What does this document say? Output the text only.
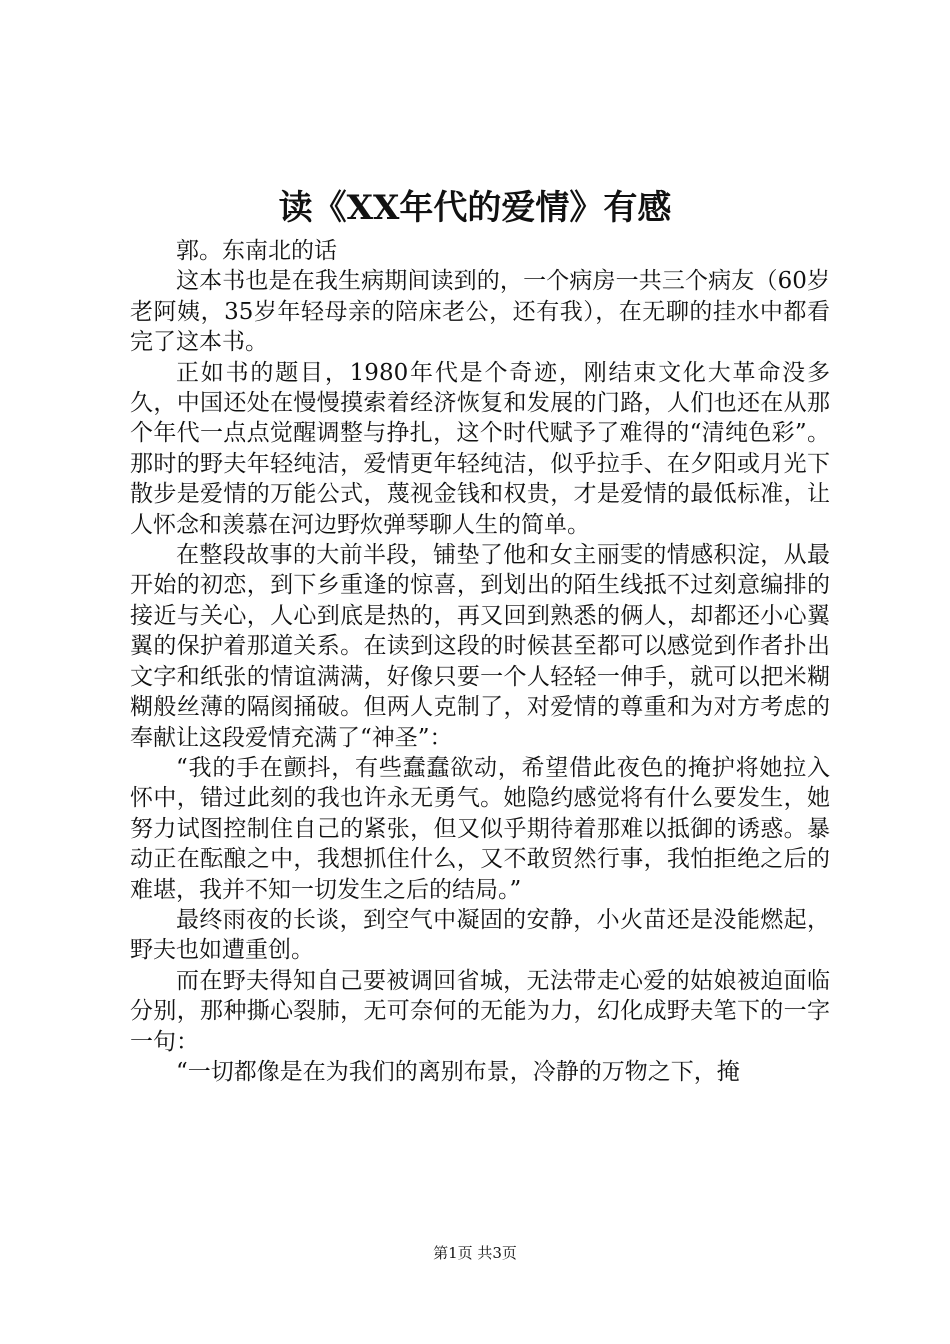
读《XX年代的爱情》有感

郭。东南北的话

这本书也是在我生病期间读到的，一个病房一共三个病友（60岁老阿姨，35岁年轻母亲的陪床老公，还有我），在无聊的挂水中都看完了这本书。

正如书的题目，1980年代是个奇迹，刚结束文化大革命没多久，中国还处在慢慢摸索着经济恢复和发展的门路，人们也还在从那个年代一点点觉醒调整与挣扎，这个时代赋予了难得的“清纯色彩”。那时的野夫年轻纯洁，爱情更年轻纯洁，似乎拉手、在夕阳或月光下散步是爱情的万能公式，蔑视金钱和权贵，才是爱情的最低标准，让人怀念和羡慕在河边野炊弹琴聊人生的简单。

在整段故事的大前半段，铺垫了他和女主丽雯的情感积淀，从最开始的初恋，到下乡重逢的惊喜，到划出的陌生线抵不过刻意编排的接近与关心，人心到底是热的，再又回到熟悉的俩人，却都还小心翼翼的保护着那道关系。在读到这段的时候甚至都可以感觉到作者扑出文字和纸张的情谊满满，好像只要一个人轻轻一伸手，就可以把米糊糊般丝薄的隔阂捅破。但两人克制了，对爱情的尊重和为对方考虑的奉献让这段爱情充满了“神圣”：

“我的手在颤抖，有些蠢蠢欲动，希望借此夜色的掩护将她拉入怀中，错过此刻的我也许永无勇气。她隐约感觉将有什么要发生，她努力试图控制住自己的紧张，但又似乎期待着那难以抵御的诱惑。暴动正在酝酿之中，我想抓住什么，又不敢贸然行事，我怕拒绝之后的难堪，我并不知一切发生之后的结局。”

最终雨夜的长谈，到空气中凝固的安静，小火苗还是没能燃起，野夫也如遭重创。

而在野夫得知自己要被调回省城，无法带走心爱的姑娘被迫面临分别，那种撕心裂肺，无可奈何的无能为力，幻化成野夫笔下的一字一句：

“一切都像是在为我们的离别布景，冷静的万物之下，掩

第1页 共3页
